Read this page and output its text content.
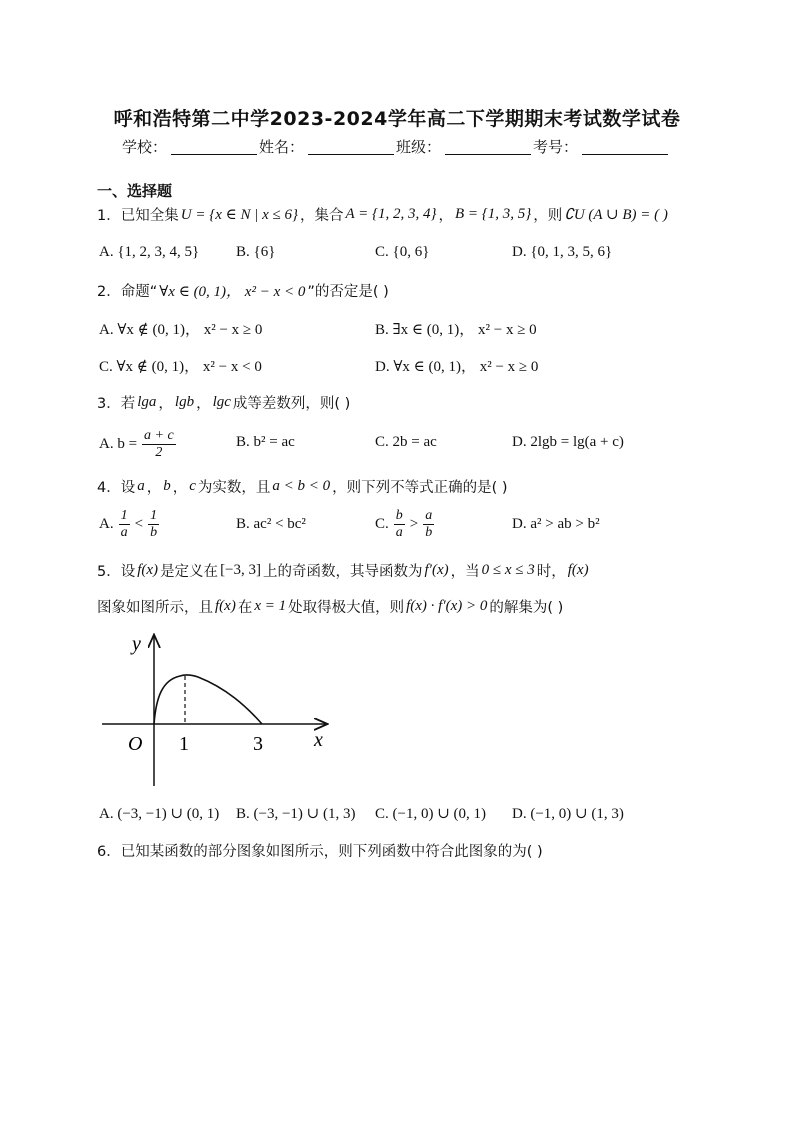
呼和浩特第二中学2023-2024学年高二下学期期末考试数学试卷
学校：	姓名：	班级：	考号：
一、选择题
1．已知全集 U = {x ∈ N | x ≤ 6} ，集合 A = {1, 2, 3, 4} ， B = {1, 3, 5} ，则 ∁U (A ∪ B) = ( )
A. {1, 2, 3, 4, 5} B. {6}	C. {0, 6}	D. {0, 1, 3, 5, 6}
2．命题“ ∀x ∈ (0, 1)， x² − x < 0 ”的否定是( )
A. ∀x ∉ (0, 1)， x² − x ≥ 0	B. ∃x ∈ (0, 1)， x² − x ≥ 0
C. ∀x ∉ (0, 1)， x² − x < 0	D. ∀x ∈ (0, 1)， x² − x ≥ 0
3．若 lga ， lgb ， lgc 成等差数列，则( )
A. $b = \frac{a + c}{2}$	B. b² = ac	C. 2b = ac	D. 2lgb = lg(a + c)
4．设 a ， b ， c 为实数，且 a < b < 0 ，则下列不等式正确的是( )
A. $\frac{1}{a} < \frac{1}{b}$	B. ac² < bc²	C. $\frac{b}{a} > \frac{a}{b}$	D. a² > ab > b²
5．设 f(x) 是定义在 [−3, 3] 上的奇函数，其导函数为 f′(x) ，当 0 ≤ x ≤ 3 时， f(x)
图象如图所示，且 f(x) 在 x = 1 处取得极大值，则 f(x) · f′(x) > 0 的解集为( )
y
x
O 1	3
A. (−3, −1) ∪ (0, 1) B. (−3, −1) ∪ (1, 3) C. (−1, 0) ∪ (0, 1) D. (−1, 0) ∪ (1, 3)
6．已知某函数的部分图象如图所示，则下列函数中符合此图象的为( )
